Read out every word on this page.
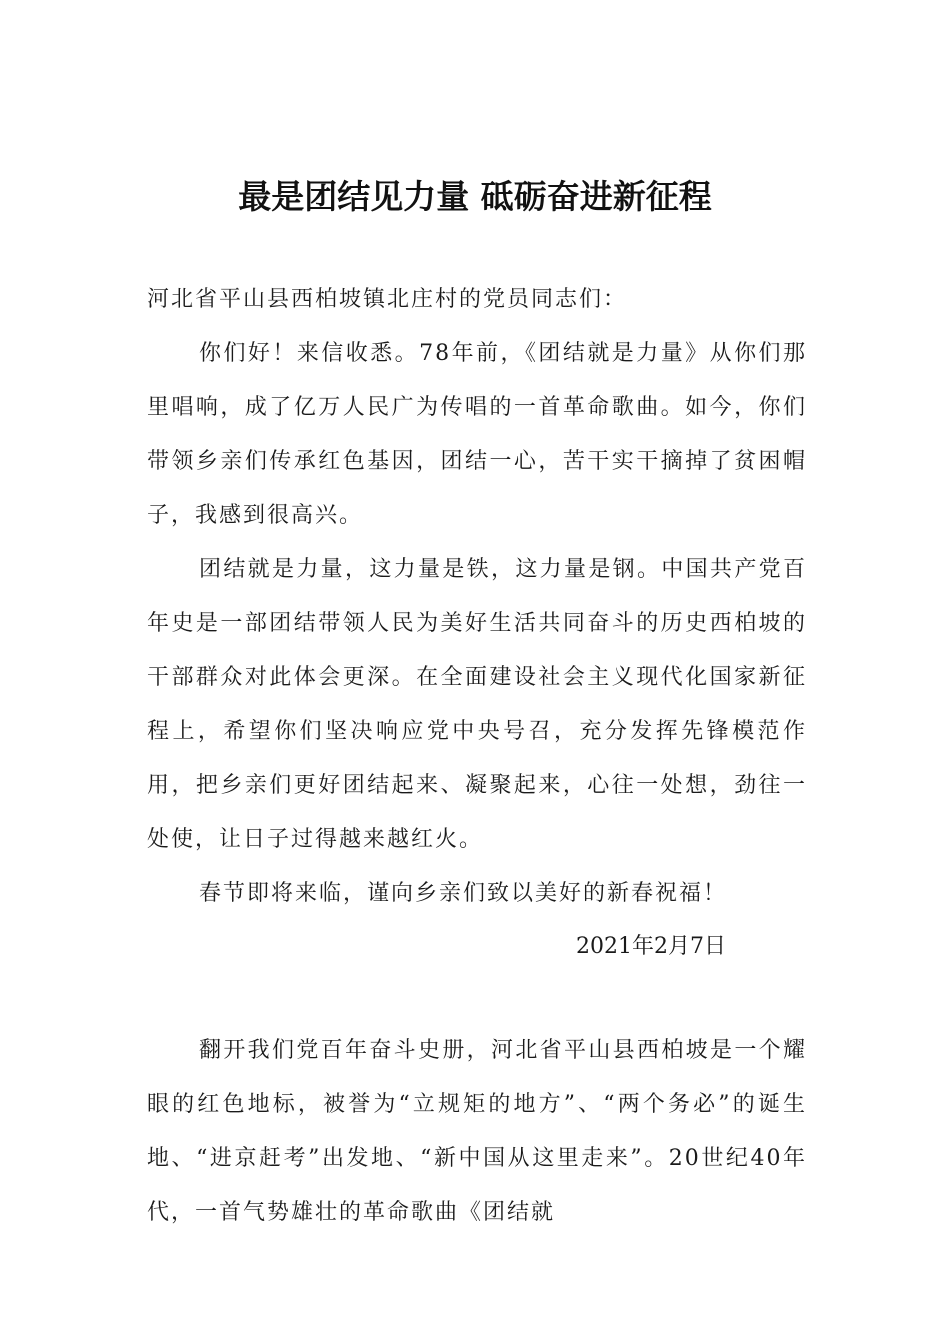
最是团结见力量 砥砺奋进新征程
河北省平山县西柏坡镇北庄村的党员同志们：

你们好！来信收悉。78年前，《团结就是力量》从你们那里唱响，成了亿万人民广为传唱的一首革命歌曲。如今，你们带领乡亲们传承红色基因，团结一心，苦干实干摘掉了贫困帽子，我感到很高兴。

团结就是力量，这力量是铁，这力量是钢。中国共产党百年史是一部团结带领人民为美好生活共同奋斗的历史西柏坡的干部群众对此体会更深。在全面建设社会主义现代化国家新征程上，希望你们坚决响应党中央号召，充分发挥先锋模范作用，把乡亲们更好团结起来、凝聚起来，心往一处想，劲往一处使，让日子过得越来越红火。

春节即将来临，谨向乡亲们致以美好的新春祝福！

2021年2月7日

翻开我们党百年奋斗史册，河北省平山县西柏坡是一个耀眼的红色地标，被誉为“立规矩的地方”、“两个务必”的诞生地、“进京赶考”出发地、“新中国从这里走来”。20世纪40年代，一首气势雄壮的革命歌曲《团结就
